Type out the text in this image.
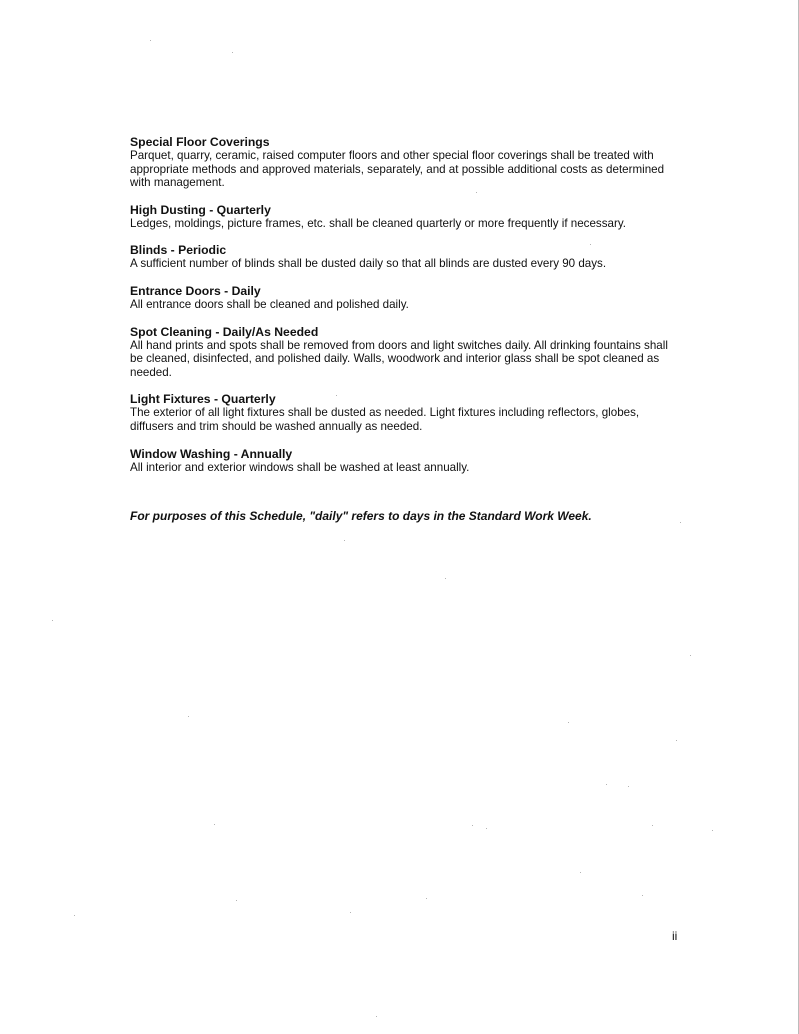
Special Floor Coverings

Parquet, quarry, ceramic, raised computer floors and other special floor coverings shall be treated with appropriate methods and approved materials, separately, and at possible additional costs as determined with management.

High Dusting - Quarterly

Ledges, moldings, picture frames, etc. shall be cleaned quarterly or more frequently if necessary.

Blinds - Periodic

A sufficient number of blinds shall be dusted daily so that all blinds are dusted every 90 days.

Entrance Doors - Daily

All entrance doors shall be cleaned and polished daily.

Spot Cleaning - Daily/As Needed

All hand prints and spots shall be removed from doors and light switches daily. All drinking fountains shall be cleaned, disinfected, and polished daily. Walls, woodwork and interior glass shall be spot cleaned as needed.

Light Fixtures - Quarterly

The exterior of all light fixtures shall be dusted as needed. Light fixtures including reflectors, globes, diffusers and trim should be washed annually as needed.

Window Washing - Annually

All interior and exterior windows shall be washed at least annually.

For purposes of this Schedule, "daily" refers to days in the Standard Work Week.

ii
